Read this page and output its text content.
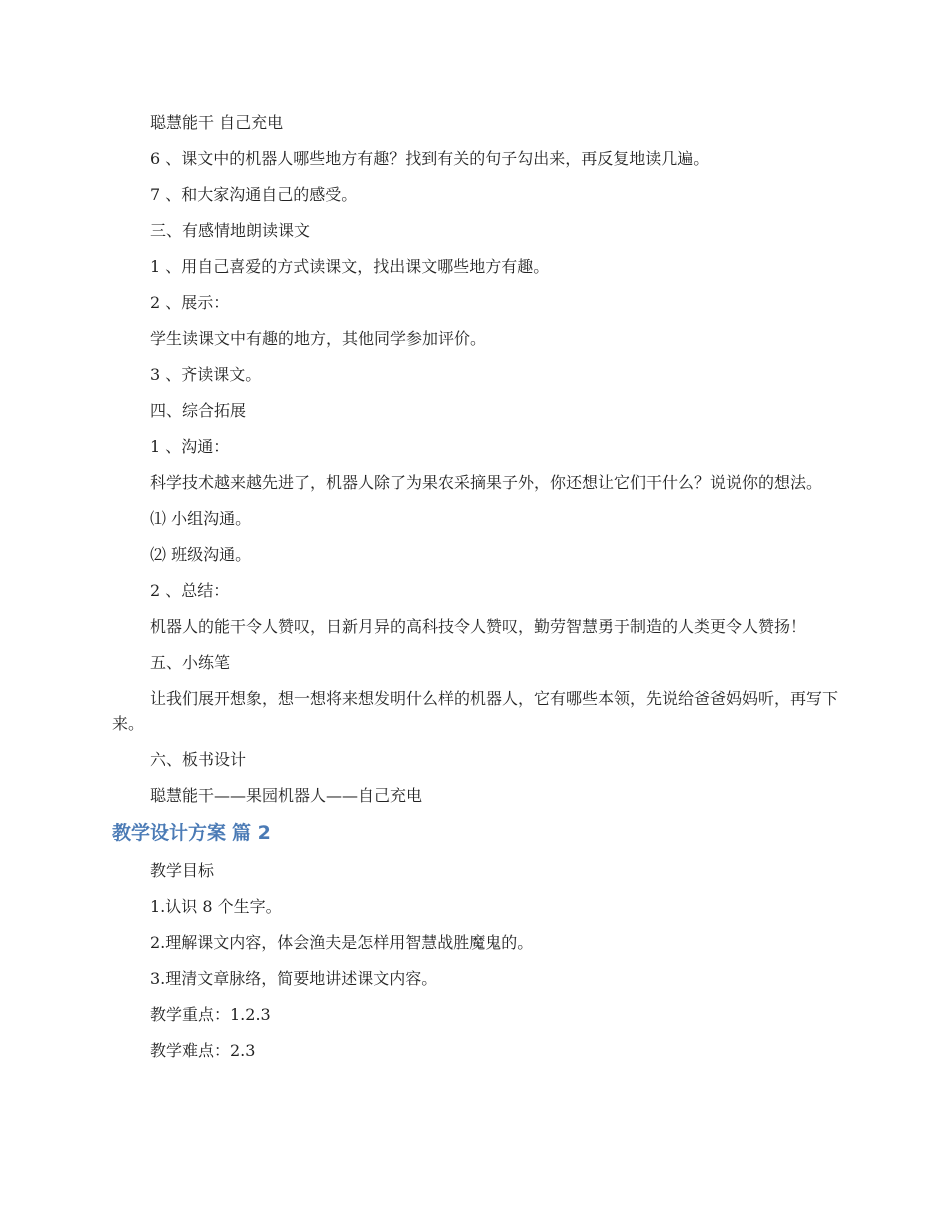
聪慧能干 自己充电

6 、课文中的机器人哪些地方有趣？找到有关的句子勾出来，再反复地读几遍。

7 、和大家沟通自己的感受。

三、有感情地朗读课文

1 、用自己喜爱的方式读课文，找出课文哪些地方有趣。

2 、展示：

学生读课文中有趣的地方，其他同学参加评价。

3 、齐读课文。

四、综合拓展

1 、沟通：

科学技术越来越先进了，机器人除了为果农采摘果子外，你还想让它们干什么？说说你的想法。

⑴ 小组沟通。

⑵ 班级沟通。

2 、总结：

机器人的能干令人赞叹，日新月异的高科技令人赞叹，勤劳智慧勇于制造的人类更令人赞扬！

五、小练笔

让我们展开想象，想一想将来想发明什么样的机器人，它有哪些本领，先说给爸爸妈妈听，再写下来。

六、板书设计

聪慧能干——果园机器人——自己充电

教学设计方案 篇 2

教学目标

1.认识 8 个生字。

2.理解课文内容，体会渔夫是怎样用智慧战胜魔鬼的。

3.理清文章脉络，简要地讲述课文内容。

教学重点：1.2.3

教学难点：2.3
